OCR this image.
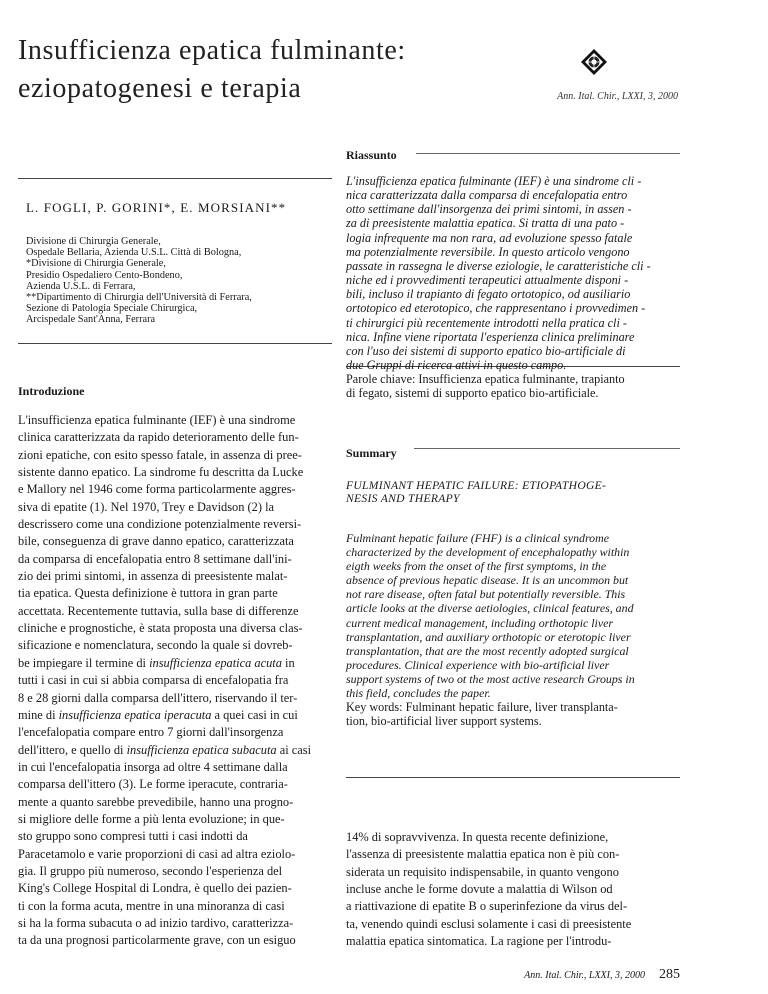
Insufficienza epatica fulminante:
eziopatogenesi e terapia	Ann. Ital. Chir., LXXI, 3, 2000

L. FOGLI, P. GORINI*, E. MORSIANI**

Divisione di Chirurgia Generale,
Ospedale Bellaria, Azienda U.S.L. Città di Bologna,
*Divisione di Chirurgia Generale,
Presidio Ospedaliero Cento-Bondeno,
Azienda U.S.L. di Ferrara,
**Dipartimento di Chirurgia dell'Università di Ferrara,
Sezione di Patologia Speciale Chirurgica,
Arcispedale Sant'Anna, Ferrara

Riassunto

L'insufficienza epatica fulminante (IEF) è una sindrome cli -
nica caratterizzata dalla comparsa di encefalopatia entro
otto settimane dall'insorgenza dei primi sintomi, in assen -
za di preesistente malattia epatica. Si tratta di una pato -
logia infrequente ma non rara, ad evoluzione spesso fatale
ma potenzialmente reversibile. In questo articolo vengono
passate in rassegna le diverse eziologie, le caratteristiche cli -
niche ed i provvedimenti terapeutici attualmente disponi -
bili, incluso il trapianto di fegato ortotopico, od ausiliario
ortotopico ed eterotopico, che rappresentano i provvedimen -
ti chirurgici più recentemente introdotti nella pratica cli -
nica. Infine viene riportata l'esperienza clinica preliminare
con l'uso dei sistemi di supporto epatico bio-artificiale di
due Gruppi di ricerca attivi in questo campo.
Parole chiave: Insufficienza epatica fulminante, trapianto
di fegato, sistemi di supporto epatico bio-artificiale.

Summary

FULMINANT HEPATIC FAILURE: ETIOPATHOGE-
NESIS AND THERAPY
Fulminant hepatic failure (FHF) is a clinical syndrome
characterized by the development of encephalopathy within
eigth weeks from the onset of the first symptoms, in the
absence of previous hepatic disease. It is an uncommon but
not rare disease, often fatal but potentially reversible. This
article looks at the diverse aetiologies, clinical features, and
current medical management, including orthotopic liver
transplantation, and auxiliary orthotopic or eterotopic liver
transplantation, that are the most recently adopted surgical
procedures. Clinical experience with bio-artificial liver
support systems of two ot the most active research Groups in
this field, concludes the paper.
Key words: Fulminant hepatic failure, liver transplanta-
tion, bio-artificial liver support systems.

Introduzione

L'insufficienza epatica fulminante (IEF) è una sindrome
clinica caratterizzata da rapido deterioramento delle fun-
zioni epatiche, con esito spesso fatale, in assenza di pree-
sistente danno epatico. La sindrome fu descritta da Lucke
e Mallory nel 1946 come forma particolarmente aggres-
siva di epatite (1). Nel 1970, Trey e Davidson (2) la
descrissero come una condizione potenzialmente reversi-
bile, conseguenza di grave danno epatico, caratterizzata
da comparsa di encefalopatia entro 8 settimane dall'ini-
zio dei primi sintomi, in assenza di preesistente malat-
tia epatica. Questa definizione è tuttora in gran parte
accettata. Recentemente tuttavia, sulla base di differenze
cliniche e prognostiche, è stata proposta una diversa clas-
sificazione e nomenclatura, secondo la quale si dovreb-
be impiegare il termine di insufficienza epatica acuta in
tutti i casi in cui si abbia comparsa di encefalopatia fra
8 e 28 giorni dalla comparsa dell'ittero, riservando il ter-
mine di insufficienza epatica iperacuta a quei casi in cui
l'encefalopatia compare entro 7 giorni dall'insorgenza
dell'ittero, e quello di insufficienza epatica subacuta ai casi
in cui l'encefalopatia insorga ad oltre 4 settimane dalla
comparsa dell'ittero (3). Le forme iperacute, contraria-
mente a quanto sarebbe prevedibile, hanno una progno-
si migliore delle forme a più lenta evoluzione; in que-
sto gruppo sono compresi tutti i casi indotti da
Paracetamolo e varie proporzioni di casi ad altra eziolo-
gia. Il gruppo più numeroso, secondo l'esperienza del
King's College Hospital di Londra, è quello dei pazien-
ti con la forma acuta, mentre in una minoranza di casi
si ha la forma subacuta o ad inizio tardivo, caratterizza-
ta da una prognosi particolarmente grave, con un esiguo
14% di sopravvivenza. In questa recente definizione,
l'assenza di preesistente malattia epatica non è più con-
siderata un requisito indispensabile, in quanto vengono
incluse anche le forme dovute a malattia di Wilson od
a riattivazione di epatite B o superinfezione da virus del-
ta, venendo quindi esclusi solamente i casi di preesistente
malattia epatica sintomatica. La ragione per l'introdu-
Ann. Ital. Chir., LXXI, 3, 2000 285
